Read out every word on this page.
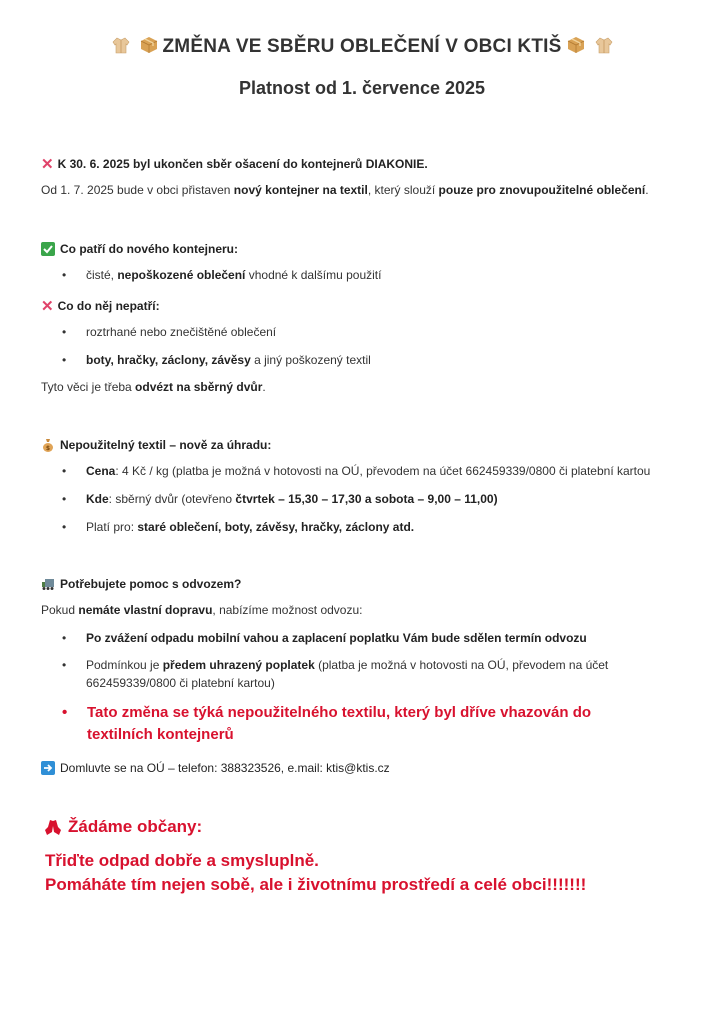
ZMĚNA VE SBĚRU OBLEČENÍ V OBCI KTIŠ
Platnost od 1. července 2025
✕ K 30. 6. 2025 byl ukončen sběr ošacení do kontejnerů DIAKONIE.
Od 1. 7. 2025 bude v obci přistaven nový kontejner na textil, který slouží pouze pro znovupoužitelné oblečení.
Co patří do nového kontejneru:
čisté, nepoškozené oblečení vhodné k dalšímu použití
✕ Co do něj nepatří:
roztrhané nebo znečištěné oblečení
boty, hračky, záclony, závěsy a jiný poškozený textil
Tyto věci je třeba odvézt na sběrný dvůr.
$ Nepoužitelný textil – nově za úhradu:
Cena: 4 Kč / kg (platba je možná v hotovosti na OÚ, převodem na účet 662459339/0800 či platební kartou
Kde: sběrný dvůr (otevřeno čtvrtek – 15,30 – 17,30 a sobota – 9,00 – 11,00)
Platí pro: staré oblečení, boty, závěsy, hračky, záclony atd.
Potřebujete pomoc s odvozem?
Pokud nemáte vlastní dopravu, nabízíme možnost odvozu:
Po zvážení odpadu mobilní vahou a zaplacení poplatku Vám bude sdělen termín odvozu
Podmínkou je předem uhrazený poplatek (platba je možná v hotovosti na OÚ, převodem na účet
662459339/0800 či platební kartou)
• Tato změna se týká nepoužitelného textilu, který byl dříve vhazován do textilních kontejnerů
Domluvte se na OÚ – telefon: 388323526, e.mail: ktis@ktis.cz
Žádáme občany:
Třiďte odpad dobře a smysluplně.
Pomáháte tím nejen sobě, ale i životnímu prostředí a celé obci!!!!!!!
